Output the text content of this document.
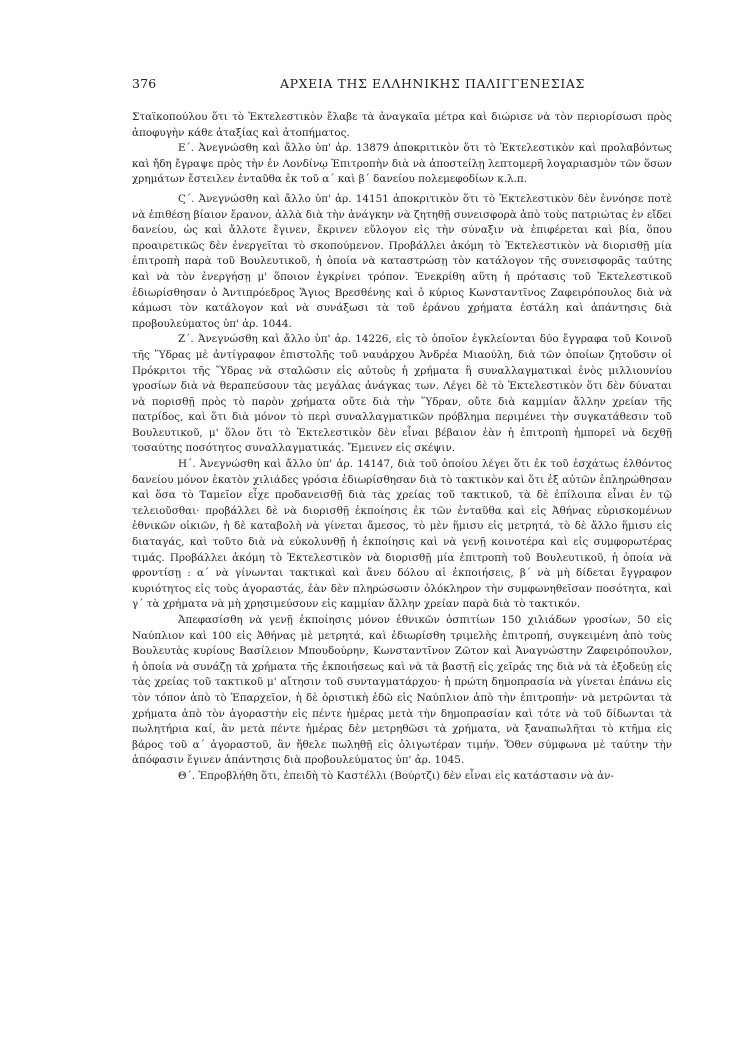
376	ΑΡΧΕΙΑ ΤΗΣ ΕΛΛΗΝΙΚΗΣ ΠΑΛΙΓΓΕΝΕΣΙΑΣ

Σταϊκοπούλου ὅτι τὸ Ἐκτελεστικὸν ἔλαβε τὰ ἀναγκαῖα μέτρα καὶ διώρισε νὰ τὸν περιορίσωσι πρὸς ἀποφυγὴν κάθε ἀταξίας καὶ ἀτοπήματος.

Ε΄. Ἀνεγνώσθη καὶ ἄλλο ὑπ' ἀρ. 13879 ἀποκριτικὸν ὅτι τὸ Ἐκτελεστικὸν καὶ προλαβόντως καὶ ἤδη ἔγραψε πρὸς τὴν ἐν Λονδίνῳ Ἐπιτροπὴν διὰ νὰ ἀποστείλῃ λεπτομερῆ λογαριασμὸν τῶν ὅσων χρημάτων ἔστειλεν ἐνταῦθα ἐκ τοῦ α΄ καὶ β΄ δανείου πολεμεφοδίων κ.λ.π.

Ϛ΄. Ἀνεγνώσθη καὶ ἄλλο ὑπ' ἀρ. 14151 ἀποκριτικὸν ὅτι τὸ Ἐκτελεστικὸν δὲν ἐννόησε ποτὲ νὰ ἐπιθέσῃ βίαιον ἔρανον, ἀλλὰ διὰ τὴν ἀνάγκην νὰ ζητηθῇ συνεισφορὰ ἀπὸ τοὺς πατριώτας ἐν εἴδει δανείου, ὡς καὶ ἄλλοτε ἔγινεν, ἔκρινεν εὔλογον εἰς τὴν σύναξιν νὰ ἐπιφέρεται καὶ βία, ὅπου προαιρετικῶς δὲν ἐνεργεῖται τὸ σκοπούμενον. Προβάλλει ἀκόμη τὸ Ἐκτελεστικὸν νὰ διορισθῇ μία ἐπιτροπὴ παρὰ τοῦ Βουλευτικοῦ, ἡ ὁποία νὰ καταστρώσῃ τὸν κατάλογον τῆς συνεισφορᾶς ταύτης καὶ νὰ τὸν ἐνεργήσῃ μ' ὅποιον ἐγκρίνει τρόπον. Ἐνεκρίθη αὕτη ἡ πρότασις τοῦ Ἐκτελεστικοῦ ἐδιωρίσθησαν ὁ Ἀντιπρόεδρος Ἅγιος Βρεσθένης καὶ ὁ κύριος Κωνσταντῖνος Ζαφειρόπουλος διὰ νὰ κάμωσι τὸν κατάλογον καὶ νὰ συνάξωσι τὰ τοῦ ἐράνου χρήματα ἐστάλη καὶ ἀπάντησις διὰ προβουλεύματος ὑπ' ἀρ. 1044.

Ζ΄. Ἀνεγνώσθη καὶ ἄλλο ὑπ' ἀρ. 14226, εἰς τὸ ὁποῖον ἐγκλείονται δύο ἔγγραφα τοῦ Κοινοῦ τῆς Ὕδρας μὲ ἀντίγραφον ἐπιστολῆς τοῦ ναυάρχου Ἀνδρέα Μιαούλη, διὰ τῶν ὁποίων ζητοῦσιν οἱ Πρόκριτοι τῆς Ὕδρας νὰ σταλῶσιν εἰς αὐτοὺς ἡ χρήματα ἢ συναλλαγματικαὶ ἑνὸς μιλλιουνίου γροσίων διὰ νὰ θεραπεύσουν τὰς μεγάλας ἀνάγκας των. Λέγει δὲ τὸ Ἐκτελεστικὸν ὅτι δὲν δύναται νὰ πορισθῇ πρὸς τὸ παρὸν χρήματα οὔτε διὰ τὴν Ὕδραν, οὔτε διὰ καμμίαν ἄλλην χρείαν τῆς πατρίδος, καὶ ὅτι διὰ μόνον τὸ περὶ συναλλαγματικῶν πρόβλημα περιμένει τὴν συγκατάθεσιν τοῦ Βουλευτικοῦ, μ' ὅλον ὅτι τὸ Ἐκτελεστικὸν δὲν εἶναι βέβαιον ἐὰν ἡ ἐπιτροπὴ ἠμπορεῖ νὰ δεχθῇ τοσαύτης ποσότητος συναλλαγματικάς. Ἔμεινεν εἰς σκέψιν.

Η΄. Ἀνεγνώσθη καὶ ἄλλο ὑπ' ἀρ. 14147, διὰ τοῦ ὁποίου λέγει ὅτι ἐκ τοῦ ἐσχάτως ἐλθόντος δανείου μόνον ἑκατὸν χιλιάδες γρόσια ἐδιωρίσθησαν διὰ τὸ τακτικὸν καὶ ὅτι ἐξ αὐτῶν ἐπληρώθησαν καὶ ὅσα τὸ Ταμεῖον εἶχε προδανεισθῇ διὰ τὰς χρείας τοῦ τακτικοῦ, τὰ δὲ ἐπίλοιπα εἶναι ἐν τῷ τελειοῦσθαι· προβάλλει δὲ νὰ διορισθῇ ἐκποίησις ἐκ τῶν ἐνταῦθα καὶ εἰς Ἀθήνας εὑρισκομένων ἐθνικῶν οἰκιῶν, ἡ δὲ καταβολὴ νὰ γίνεται ἄμεσος, τὸ μὲν ἥμισυ εἰς μετρητά, τὸ δὲ ἄλλο ἥμισυ εἰς διαταγάς, καὶ τοῦτο διὰ νὰ εὐκολυνθῇ ἡ ἐκποίησις καὶ νὰ γενῇ κοινοτέρα καὶ εἰς συμφορωτέρας τιμάς. Προβάλλει ἀκόμη τὸ Ἐκτελεστικὸν νὰ διορισθῇ μία ἐπιτροπὴ τοῦ Βουλευτικοῦ, ἡ ὁποία νὰ φροντίσῃ : α΄ νὰ γίνωνται τακτικαὶ καὶ ἄνευ δόλου αἱ ἐκποιήσεις, β΄ νὰ μὴ δίδεται ἔγγραφον κυριότητος εἰς τοὺς ἀγοραστάς, ἐὰν δὲν πληρώσωσιν ὁλόκληρον τὴν συμφωνηθεῖσαν ποσότητα, καὶ γ΄ τὰ χρήματα νὰ μὴ χρησιμεύσουν εἰς καμμίαν ἄλλην χρείαν παρὰ διὰ τὸ τακτικόν.

Ἀπεφασίσθη νὰ γενῇ ἐκποίησις μόνον ἐθνικῶν ὀσπιτίων 150 χιλιάδων γροσίων, 50 εἰς Ναύπλιον καὶ 100 εἰς Ἀθήνας μὲ μετρητά, καὶ ἐδιωρίσθη τριμελὴς ἐπιτροπή, συγκειμένη ἀπὸ τοὺς Βουλευτὰς κυρίους Βασίλειον Μπουδούρην, Κωνσταντῖνον Ζῶτον καὶ Ἀναγνώστην Ζαφειρόπουλον, ἡ ὁποία νὰ συνάζῃ τὰ χρήματα τῆς ἐκποιήσεως καὶ νὰ τὰ βαστῇ εἰς χεῖράς της διὰ νὰ τὰ ἐξοδεύῃ εἰς τὰς χρείας τοῦ τακτικοῦ μ' αἴτησιν τοῦ συνταγματάρχου· ἡ πρώτη δημοπρασία νὰ γίνεται ἐπάνω εἰς τὸν τόπον ἀπὸ τὸ Ἐπαρχεῖον, ἡ δὲ ὁριστικὴ ἐδῶ εἰς Ναύπλιον ἀπὸ τὴν ἐπιτροπήν· νὰ μετρῶνται τὰ χρήματα ἀπὸ τὸν ἀγοραστὴν εἰς πέντε ἡμέρας μετὰ τὴν δημοπρασίαν καὶ τότε νὰ τοῦ δίδωνται τὰ πωλητήρια καί, ἂν μετὰ πέντε ἡμέρας δὲν μετρηθῶσι τὰ χρήματα, νὰ ξαναπωλῆται τὸ κτῆμα εἰς βάρος τοῦ α΄ ἀγοραστοῦ, ἂν ἤθελε πωληθῇ εἰς ὀλιγωτέραν τιμήν. Ὅθεν σύμφωνα μὲ ταύτην τὴν ἀπόφασιν ἔγινεν ἀπάντησις διὰ προβουλεύματος ὑπ' ἀρ. 1045.

Θ΄. Ἐπροβλήθη ὅτι, ἐπειδὴ τὸ Καστέλλι (Βούρτζι) δὲν εἶναι εἰς κατάστασιν νὰ ἀν-
